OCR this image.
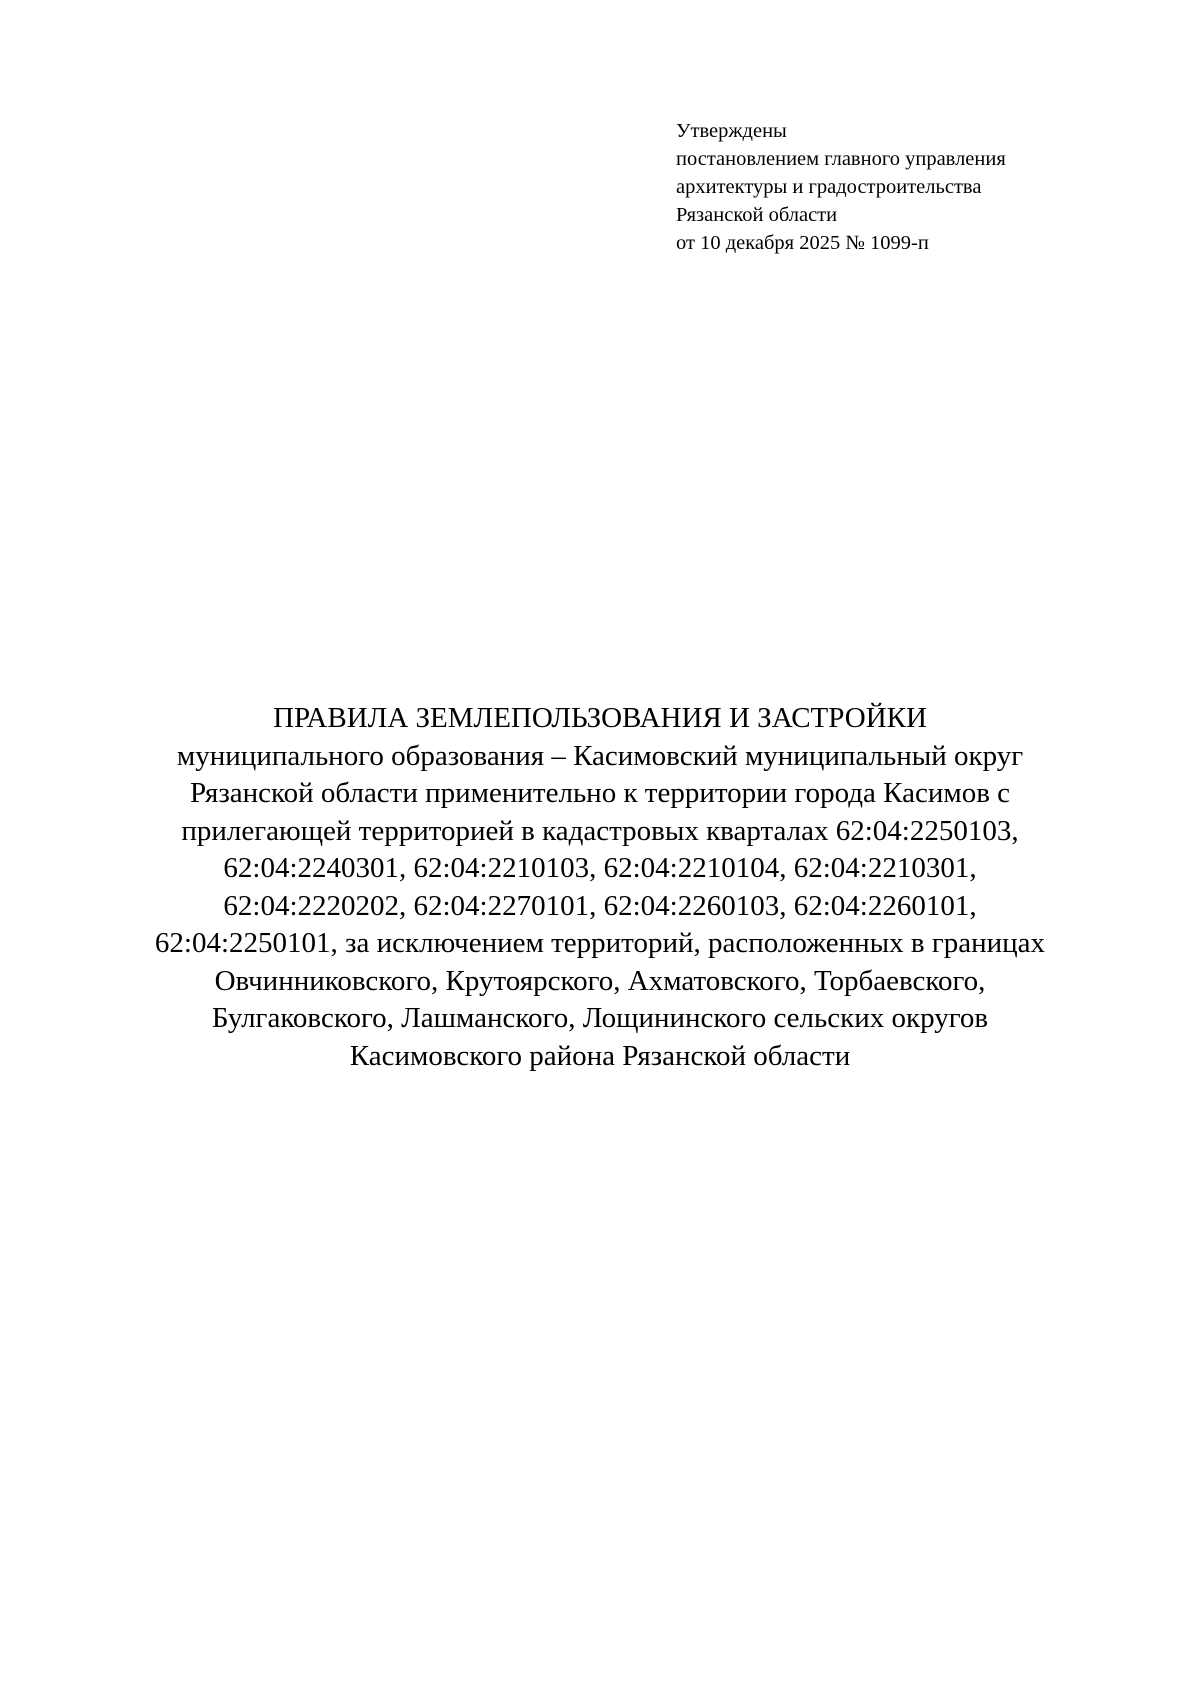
Утверждены
постановлением главного управления
архитектуры и градостроительства
Рязанской области
от 10 декабря 2025 № 1099-п
ПРАВИЛА ЗЕМЛЕПОЛЬЗОВАНИЯ И ЗАСТРОЙКИ
муниципального образования – Касимовский муниципальный округ
Рязанской области применительно к территории города Касимов с
прилегающей территорией в кадастровых кварталах 62:04:2250103,
62:04:2240301, 62:04:2210103, 62:04:2210104, 62:04:2210301,
62:04:2220202, 62:04:2270101, 62:04:2260103, 62:04:2260101,
62:04:2250101, за исключением территорий, расположенных в границах
Овчинниковского, Крутоярского, Ахматовского, Торбаевского,
Булгаковского, Лашманского, Лощининского сельских округов
Касимовского района Рязанской области
